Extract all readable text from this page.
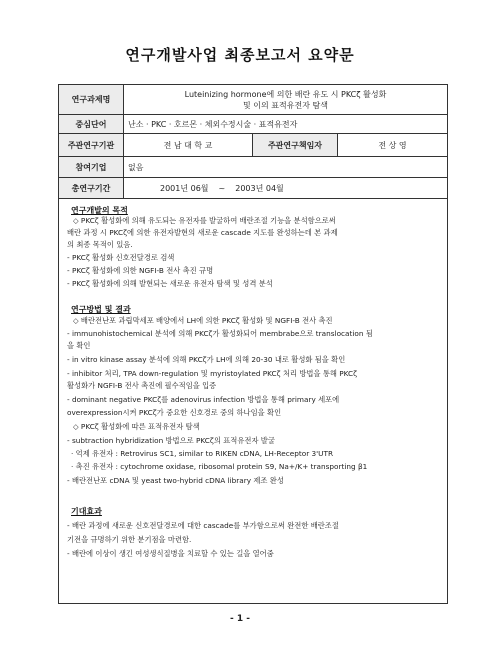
연구개발사업 최종보고서 요약문
연구과제명	Luteinizing hormone에 의한 배란 유도 시 PKCζ 활성화
및 이의 표적유전자 탐색		

중심단어	난소 · PKC · 호르몬 · 체외수정시술 · 표적유전자		
주관연구기관	전 남 대 학 교	주관연구책임자	전 상 영
참여기업	없음		
총연구기간	2001년 06월 ~ 2003년 04월		
연구개발의 목적
◇ PKCζ 활성화에 의해 유도되는 유전자를 발굴하여 배란조절 기능을 분석함으로써
배란 과정 시 PKCζ에 의한 유전자발현의 새로운 cascade 지도를 완성하는데 본 과제
의 최종 목적이 있음.
- PKCζ 활성화 신호전달경로 검색
- PKCζ 활성화에 의한 NGFI-B 전사 촉진 규명
- PKCζ 활성화에 의해 발현되는 새로운 유전자 탐색 및 성격 분석
연구방법 및 결과
◇ 배란전난포 과립막세포 배양에서 LH에 의한 PKCζ 활성화 및 NGFI-B 전사 촉진
- immunohistochemical 분석에 의해 PKCζ가 활성화되어 membrabe으로 translocation 됨
을 확인
- in vitro kinase assay 분석에 의해 PKCζ가 LH에 의해 20-30 내로 활성화 됨을 확인
- inhibitor 처리, TPA down-regulation 및 myristoylated PKCζ 처리 방법을 통해 PKCζ
활성화가 NGFI-B 전사 촉진에 필수적임을 입증
- dominant negative PKCζ를 adenovirus infection 방법을 통해 primary 세포에
overexpression시켜 PKCζ가 중요한 신호경로 중의 하나임을 확인
◇ PKCζ 활성화에 따른 표적유전자 탐색
- subtraction hybridization 방법으로 PKCζ의 표적유전자 발굴
· 억제 유전자 : Retrovirus SC1, similar to RIKEN cDNA, LH-Receptor 3'UTR
· 촉진 유전자 : cytochrome oxidase, ribosomal protein S9, Na+/K+ transporting β1
- 배란전난포 cDNA 및 yeast two-hybrid cDNA library 제조 완성
기대효과
- 배란 과정에 새로운 신호전달경로에 대한 cascade를 부가함으로써 완전한 배란조절
기전을 규명하기 위한 분기점을 마련함.
- 배란에 이상이 생긴 여성생식질병을 치료할 수 있는 길을 열어줌
- 1 -
